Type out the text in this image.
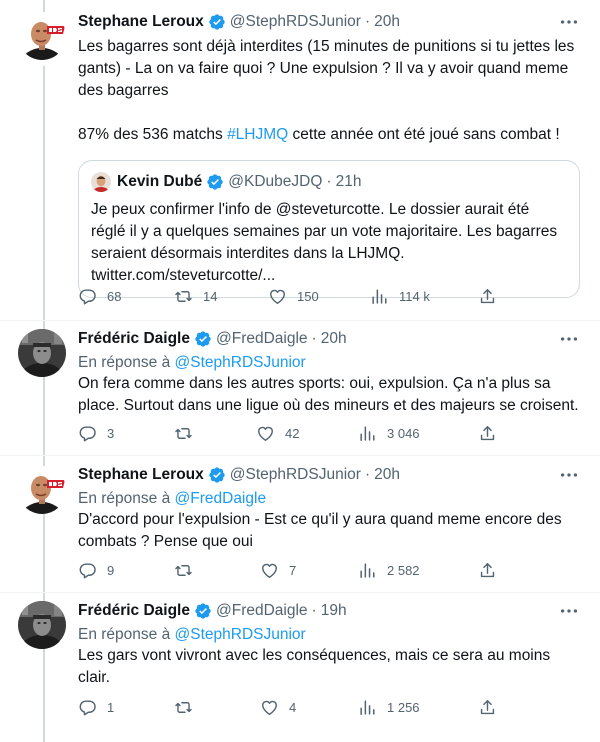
Stephane Leroux @StephRDSJunior · 20h
Les bagarres sont déjà interdites (15 minutes de punitions si tu jettes les gants) - La on va faire quoi ? Une expulsion ? Il va y avoir quand meme des bagarres

87% des 536 matchs #LHJMQ cette année ont été joué sans combat !
Kevin Dubé @KDubeJDQ · 21h
Je peux confirmer l'info de @steveturcotte. Le dossier aurait été réglé il y a quelques semaines par un vote majoritaire. Les bagarres seraient désormais interdites dans la LHJMQ.
twitter.com/steveturcotte/...
68	14	150	114 k
Frédéric Daigle @FredDaigle · 20h
En réponse à @StephRDSJunior
On fera comme dans les autres sports: oui, expulsion. Ça n'a plus sa place. Surtout dans une ligue où des mineurs et des majeurs se croisent.
3	42	3 046
Stephane Leroux @StephRDSJunior · 20h
En réponse à @FredDaigle
D'accord pour l'expulsion - Est ce qu'il y aura quand meme encore des combats ? Pense que oui
9	7	2 582
Frédéric Daigle @FredDaigle · 19h
En réponse à @StephRDSJunior
Les gars vont vivront avec les conséquences, mais ce sera au moins clair.
1	4	1 256
